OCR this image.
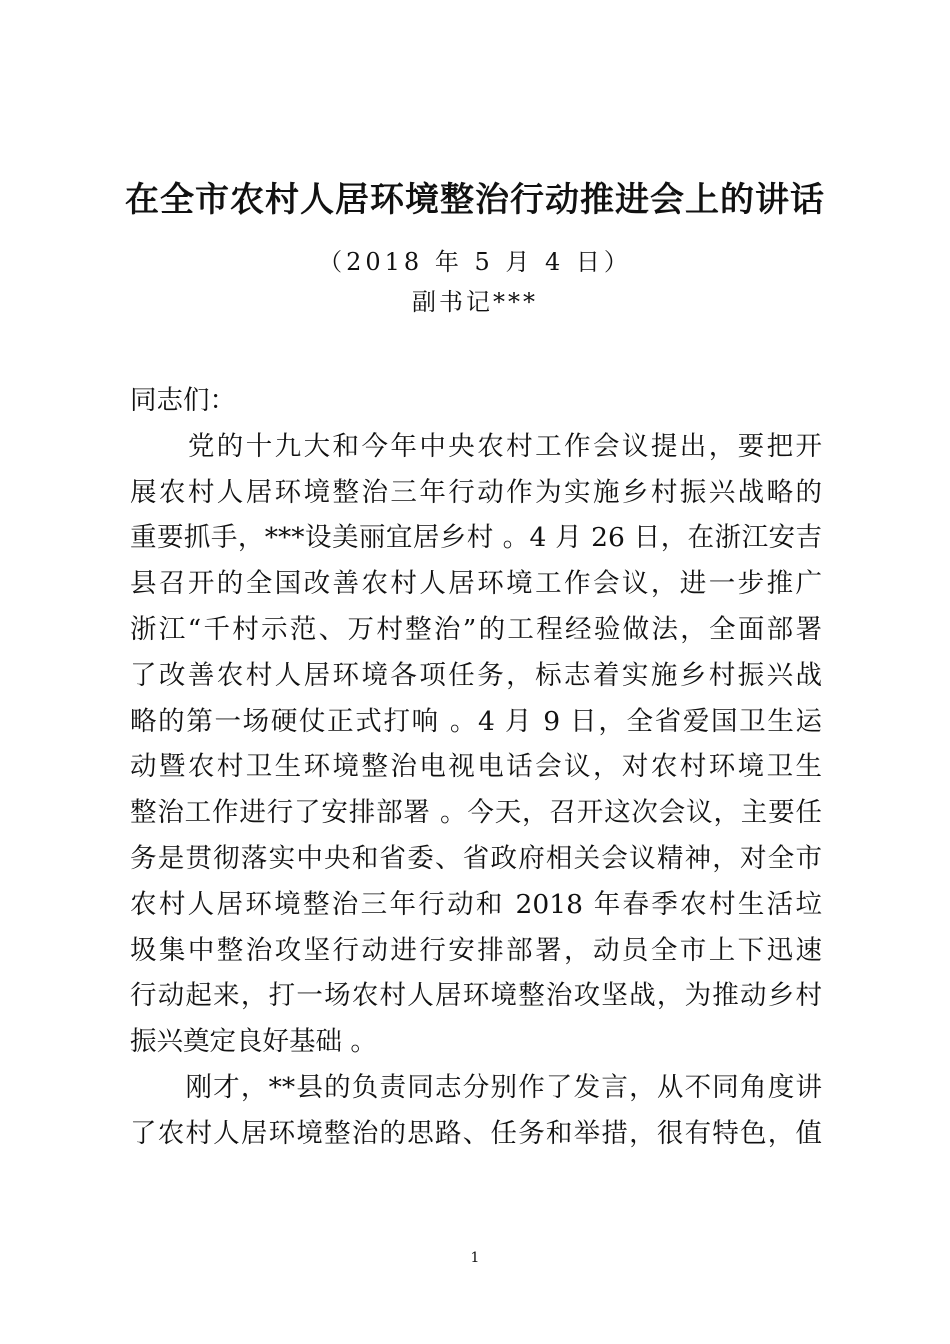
在全市农村人居环境整治行动推进会上的讲话
（2018 年 5 月 4 日）
副书记***
同志们：
　　党的十九大和今年中央农村工作会议提出，要把开
展农村人居环境整治三年行动作为实施乡村振兴战略的
重要抓手，***设美丽宜居乡村 。4 月 26 日，在浙江安吉
县召开的全国改善农村人居环境工作会议，进一步推广
浙江“千村示范、万村整治”的工程经验做法，全面部署
了改善农村人居环境各项任务，标志着实施乡村振兴战
略的第一场硬仗正式打响 。4 月 9 日，全省爱国卫生运
动暨农村卫生环境整治电视电话会议，对农村环境卫生
整治工作进行了安排部署 。今天，召开这次会议，主要任
务是贯彻落实中央和省委、省政府相关会议精神，对全市
农村人居环境整治三年行动和 2018 年春季农村生活垃
圾集中整治攻坚行动进行安排部署，动员全市上下迅速
行动起来，打一场农村人居环境整治攻坚战，为推动乡村
振兴奠定良好基础 。
　　刚才，**县的负责同志分别作了发言，从不同角度讲
了农村人居环境整治的思路、任务和举措，很有特色，值
1
